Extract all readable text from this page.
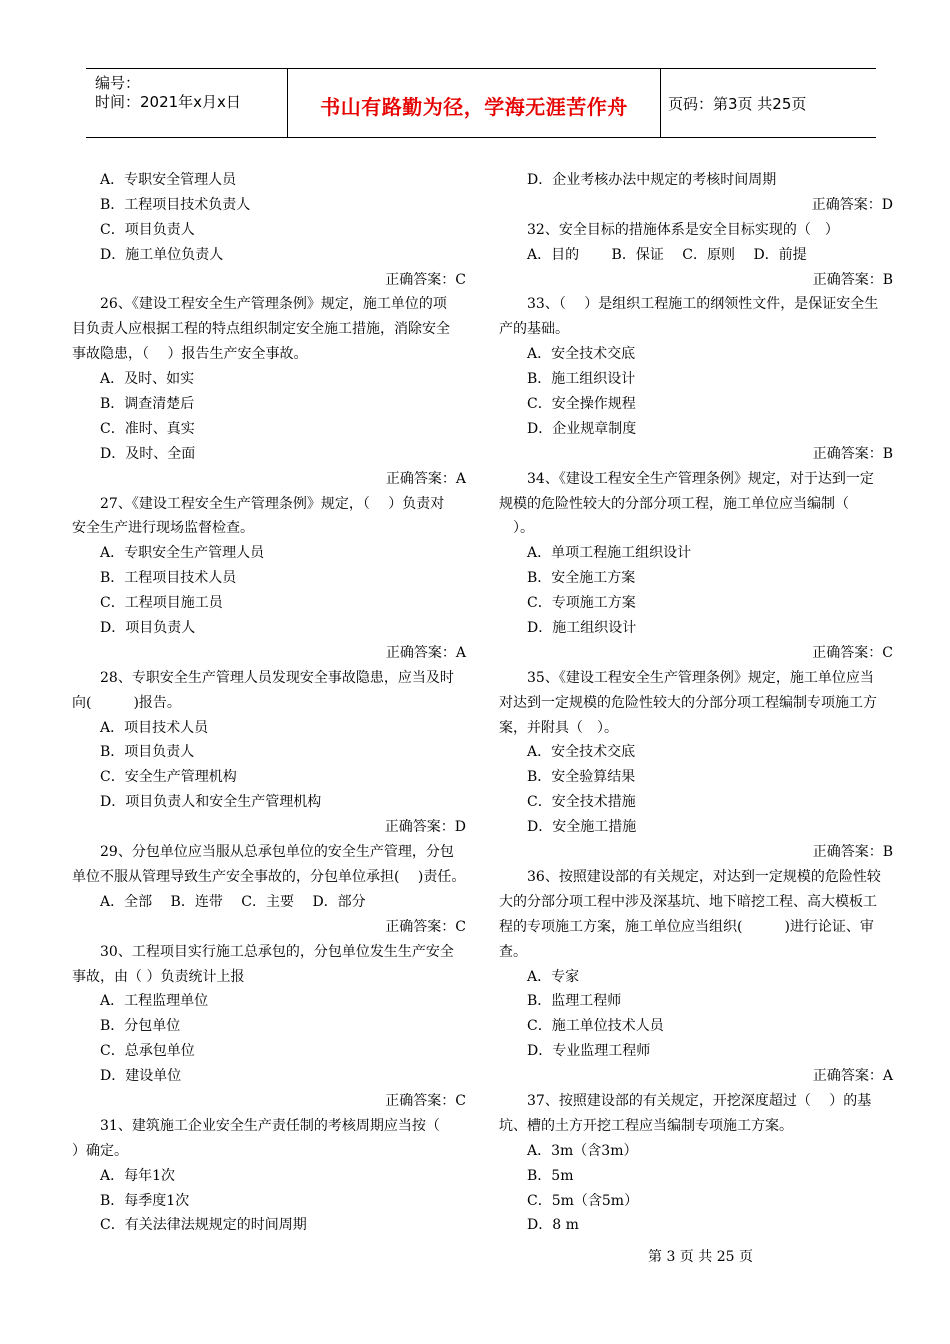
编号：
时间：2021年x月x日	书山有路勤为径，学海无涯苦作舟	页码：第3页 共25页
A．专职安全管理人员
B．工程项目技术负责人
C．项目负责人
D．施工单位负责人
正确答案：C
26、《建设工程安全生产管理条例》规定，施工单位的项
目负责人应根据工程的特点组织制定安全施工措施，消除安全
事故隐患，（　 ）报告生产安全事故。
A．及时、如实
B．调查清楚后
C．准时、真实
D．及时、全面
正确答案：A
27、《建设工程安全生产管理条例》规定，（　 ）负责对
安全生产进行现场监督检查。
A．专职安全生产管理人员
B．工程项目技术人员
C．工程项目施工员
D．项目负责人
正确答案：A
28、专职安全生产管理人员发现安全事故隐患，应当及时
向(　　　)报告。
A．项目技术人员
B．项目负责人
C．安全生产管理机构
D．项目负责人和安全生产管理机构
正确答案：D
29、分包单位应当服从总承包单位的安全生产管理，分包
单位不服从管理导致生产安全事故的，分包单位承担(　 )责任。
A．全部　 B．连带　 C．主要　 D．部分
正确答案：C
30、工程项目实行施工总承包的，分包单位发生生产安全
事故，由（ ）负责统计上报
A．工程监理单位
B．分包单位
C．总承包单位
D．建设单位
正确答案：C
31、建筑施工企业安全生产责任制的考核周期应当按（
）确定。
A．每年1次
B．每季度1次
C．有关法律法规规定的时间周期
D．企业考核办法中规定的考核时间周期
正确答案：D
32、安全目标的措施体系是安全目标实现的（　）
A．目的　　 B．保证　 C．原则　 D．前提
正确答案：B
33、（　 ）是组织工程施工的纲领性文件，是保证安全生
产的基础。
A．安全技术交底
B．施工组织设计
C．安全操作规程
D．企业规章制度
正确答案：B
34、《建设工程安全生产管理条例》规定，对于达到一定
规模的危险性较大的分部分项工程，施工单位应当编制（
　）。
A．单项工程施工组织设计
B．安全施工方案
C．专项施工方案
D．施工组织设计
正确答案：C
35、《建设工程安全生产管理条例》规定，施工单位应当
对达到一定规模的危险性较大的分部分项工程编制专项施工方
案，并附具（　）。
A．安全技术交底
B．安全验算结果
C．安全技术措施
D．安全施工措施
正确答案：B
36、按照建设部的有关规定，对达到一定规模的危险性较
大的分部分项工程中涉及深基坑、地下暗挖工程、高大模板工
程的专项施工方案，施工单位应当组织(　　　)进行论证、审
查。
A．专家
B．监理工程师
C．施工单位技术人员
D．专业监理工程师
正确答案：A
37、按照建设部的有关规定，开挖深度超过（　 ）的基
坑、槽的土方开挖工程应当编制专项施工方案。
A．3m（含3m）
B．5m
C．5m（含5m）
D．8 m
第 3 页 共 25 页
